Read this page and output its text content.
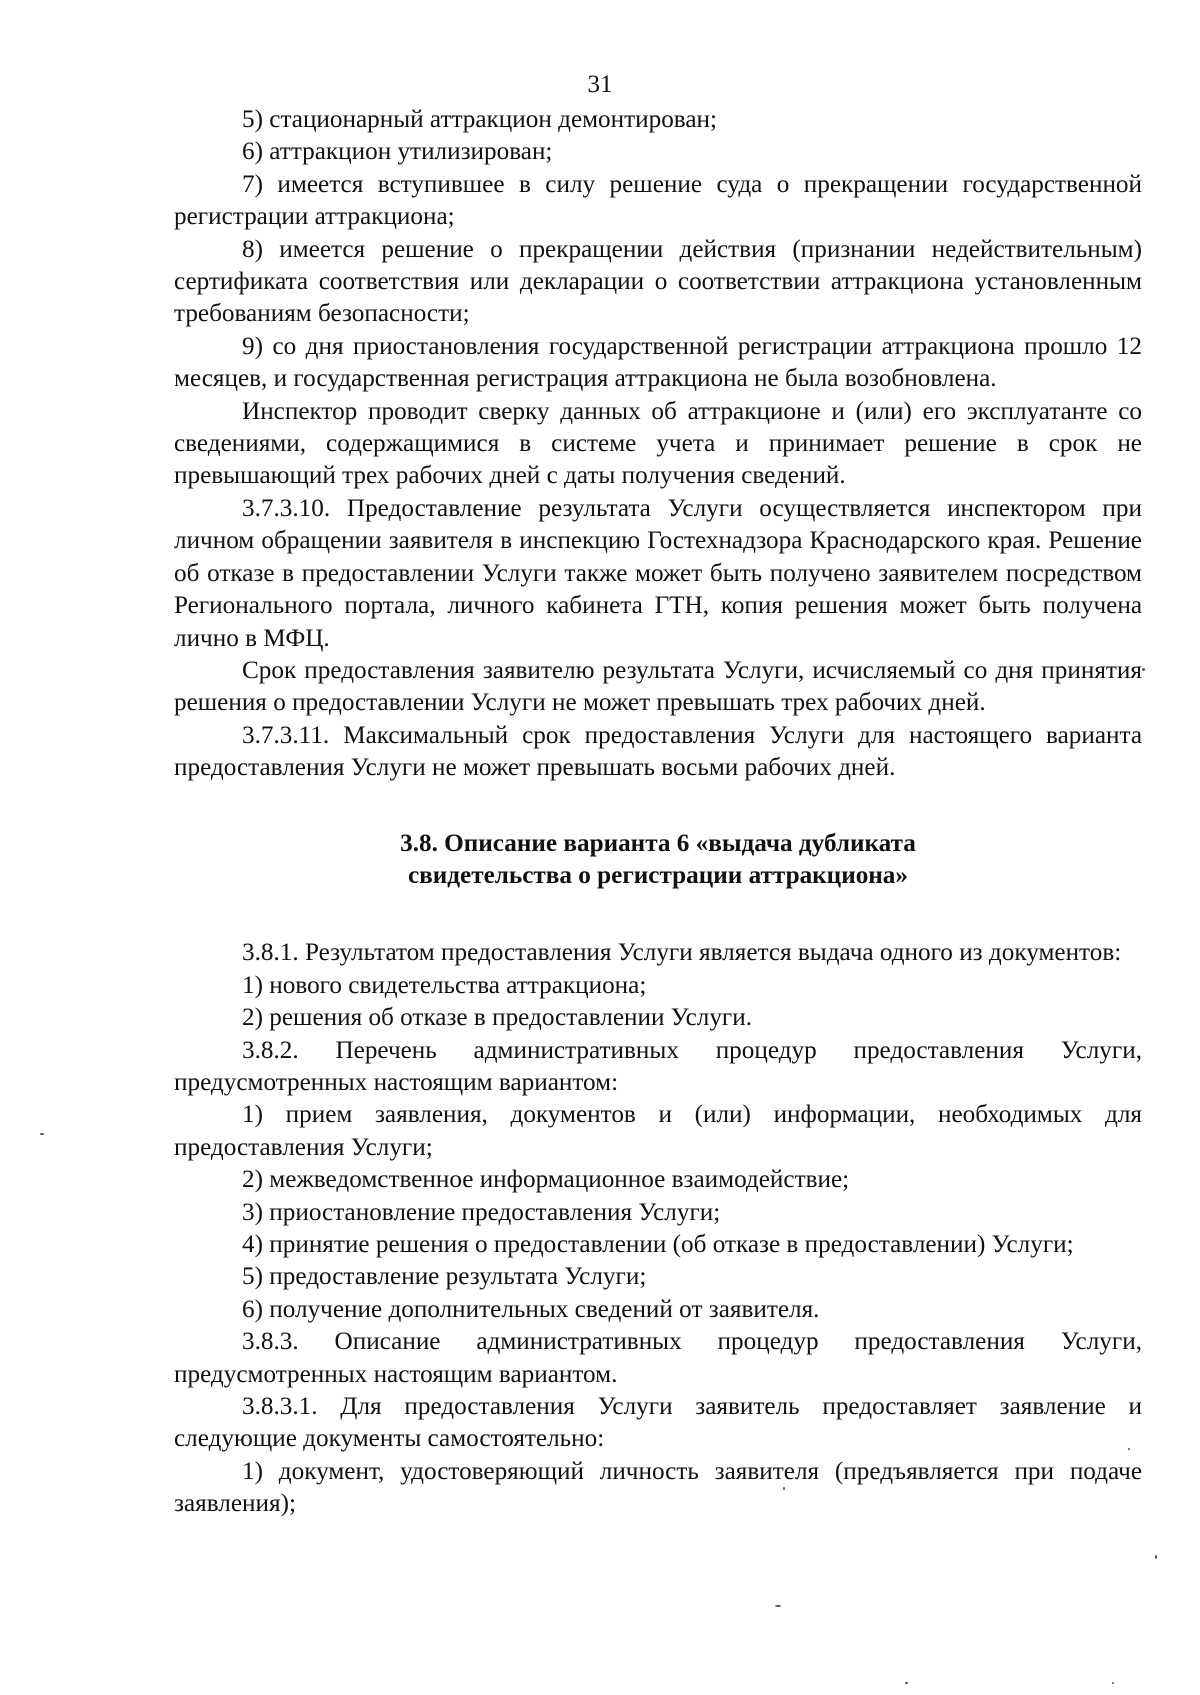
31

5) стационарный аттракцион демонтирован;

6) аттракцион утилизирован;

7) имеется вступившее в силу решение суда о прекращении государственной регистрации аттракциона;

8) имеется решение о прекращении действия (признании недействительным) сертификата соответствия или декларации о соответствии аттракциона установленным требованиям безопасности;

9) со дня приостановления государственной регистрации аттракциона прошло 12 месяцев, и государственная регистрация аттракциона не была возобновлена.

Инспектор проводит сверку данных об аттракционе и (или) его эксплуатанте со сведениями, содержащимися в системе учета и принимает решение в срок не превышающий трех рабочих дней с даты получения сведений.

3.7.3.10. Предоставление результата Услуги осуществляется инспектором при личном обращении заявителя в инспекцию Гостехнадзора Краснодарского края. Решение об отказе в предоставлении Услуги также может быть получено заявителем посредством Регионального портала, личного кабинета ГТН, копия решения может быть получена лично в МФЦ.

Срок предоставления заявителю результата Услуги, исчисляемый со дня принятия решения о предоставлении Услуги не может превышать трех рабочих дней.

3.7.3.11. Максимальный срок предоставления Услуги для настоящего варианта предоставления Услуги не может превышать восьми рабочих дней.

3.8. Описание варианта 6 «выдача дубликата
свидетельства о регистрации аттракциона»

3.8.1. Результатом предоставления Услуги является выдача одного из документов:

1) нового свидетельства аттракциона;

2) решения об отказе в предоставлении Услуги.

3.8.2. Перечень административных процедур предоставления Услуги, предусмотренных настоящим вариантом:

1) прием заявления, документов и (или) информации, необходимых для предоставления Услуги;

2) межведомственное информационное взаимодействие;

3) приостановление предоставления Услуги;

4) принятие решения о предоставлении (об отказе в предоставлении) Услуги;

5) предоставление результата Услуги;

6) получение дополнительных сведений от заявителя.

3.8.3. Описание административных процедур предоставления Услуги, предусмотренных настоящим вариантом.

3.8.3.1. Для предоставления Услуги заявитель предоставляет заявление и следующие документы самостоятельно:

1) документ, удостоверяющий личность заявителя (предъявляется при подаче заявления);
